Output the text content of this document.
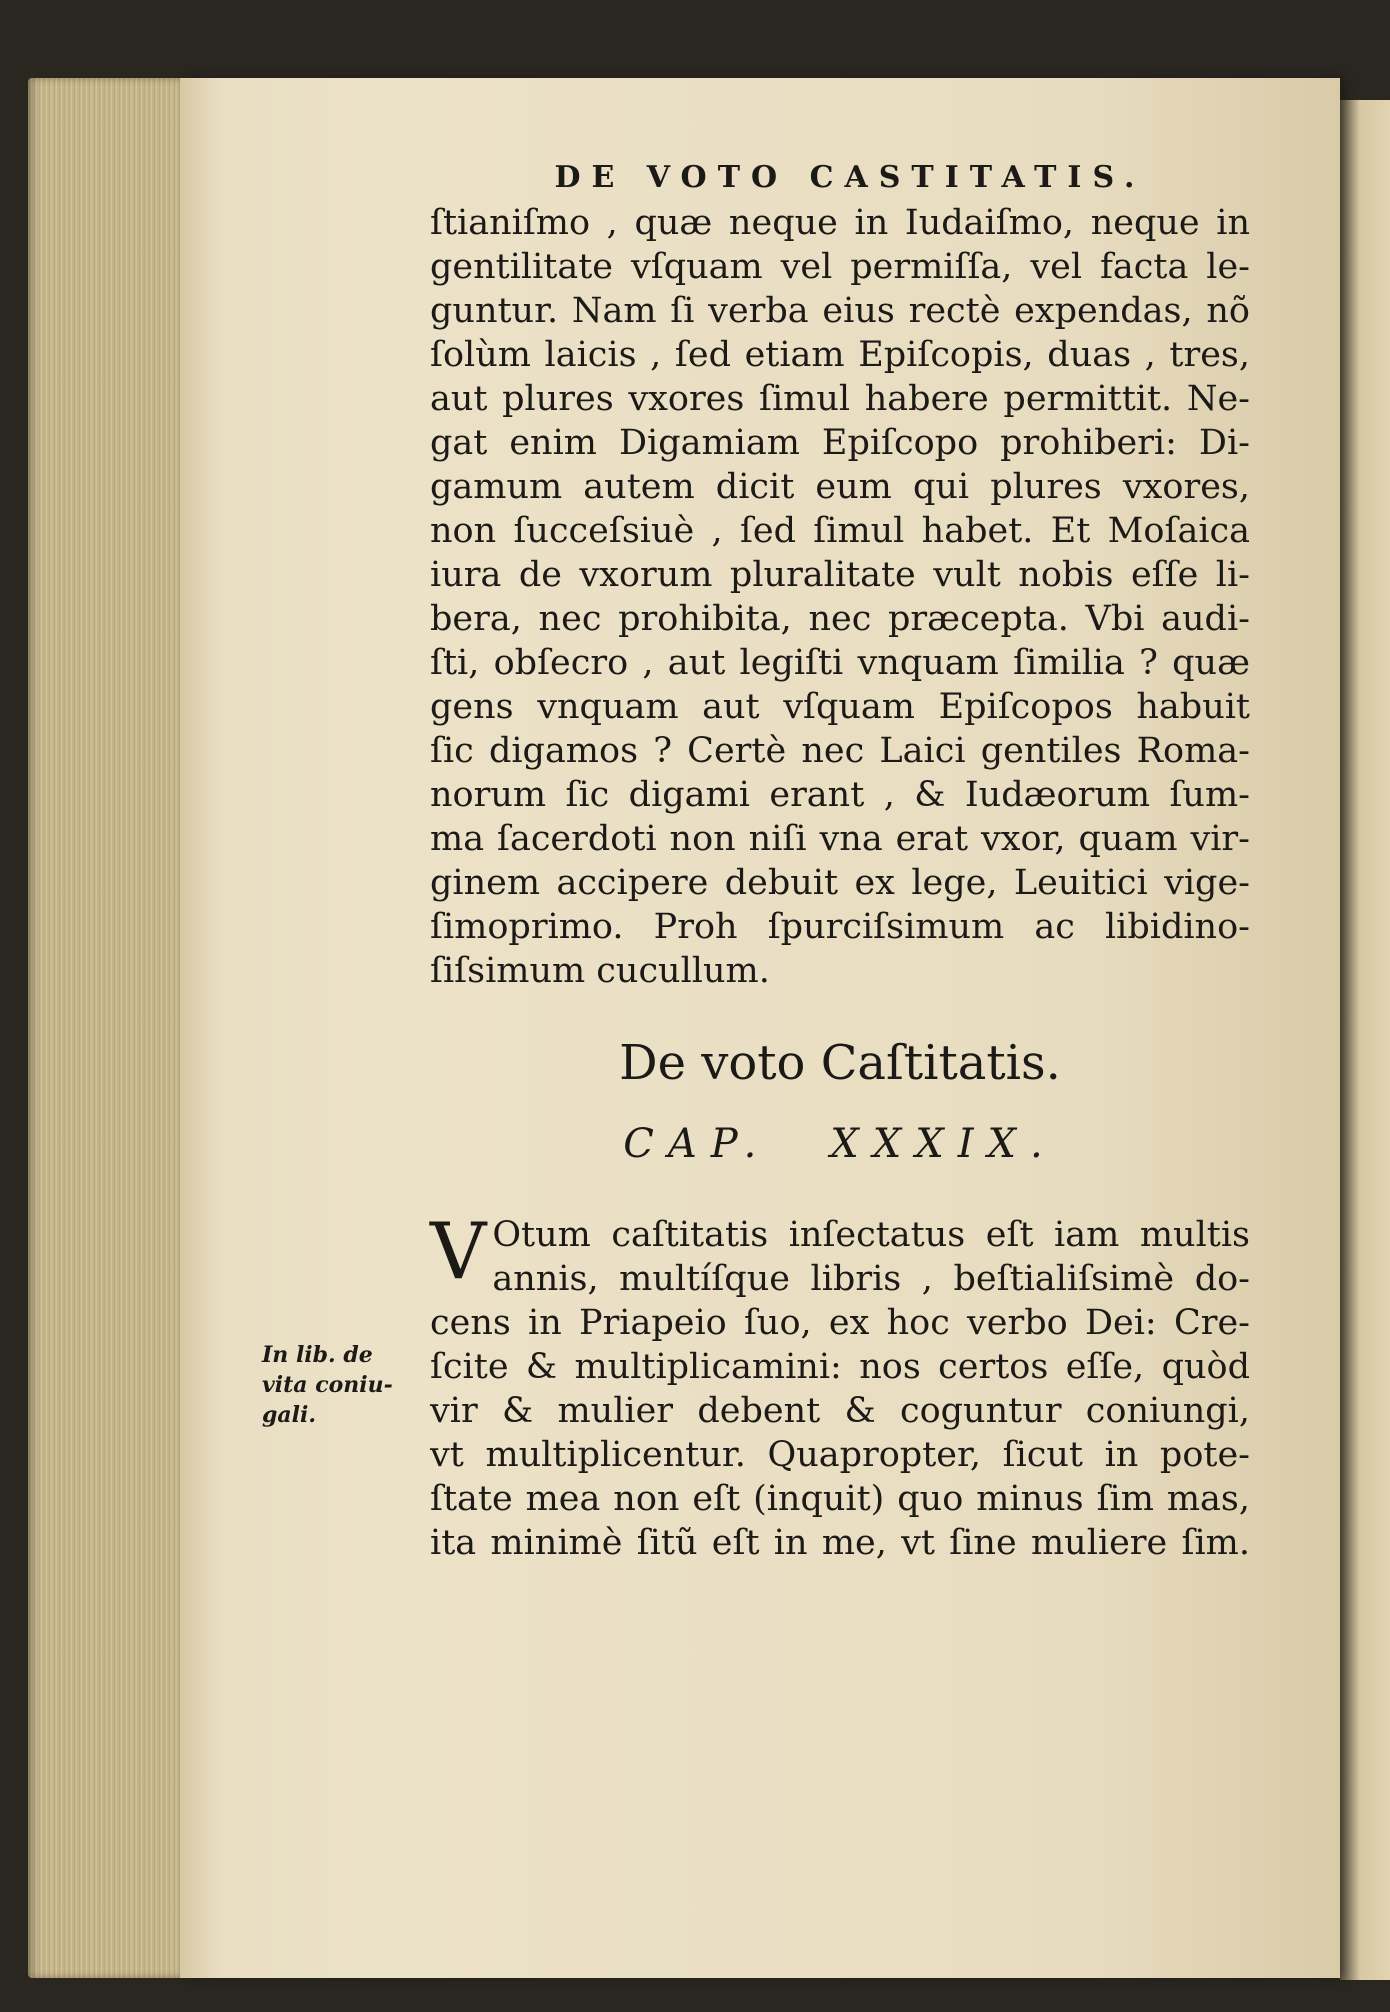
In lib. de
vita coniu-
gali.
DE VOTO CASTITATIS.
ſtianiſmo , quæ neque in Iudaiſmo, neque in
gentilitate vſquam vel permiſſa, vel facta le-
guntur. Nam ſi verba eius rectè expendas, nõ
ſolùm laicis , ſed etiam Epiſcopis, duas , tres,
aut plures vxores ſimul habere permittit. Ne-
gat enim Digamiam Epiſcopo prohiberi: Di-
gamum autem dicit eum qui plures vxores,
non ſucceſsiuè , ſed ſimul habet. Et Moſaica
iura de vxorum pluralitate vult nobis eſſe li-
bera, nec prohibita, nec præcepta. Vbi audi-
ſti, obſecro , aut legiſti vnquam ſimilia ? quæ
gens vnquam aut vſquam Epiſcopos habuit
ſic digamos ? Certè nec Laici gentiles Roma-
norum ſic digami erant , & Iudæorum ſum-
ma ſacerdoti non niſi vna erat vxor, quam vir-
ginem accipere debuit ex lege, Leuitici vige-
ſimoprimo. Proh ſpurciſsimum ac libidino-
ſiſsimum cucullum.
De voto Caſtitatis.
CAP. XXXIX.
V Otum caſtitatis inſectatus eſt iam multis
annis, multíſque libris , beſtialiſsimè do-
cens in Priapeio ſuo, ex hoc verbo Dei: Cre-
ſcite & multiplicamini: nos certos eſſe, quòd
vir & mulier debent & coguntur coniungi,
vt multiplicentur. Quapropter, ſicut in pote-
ſtate mea non eſt (inquit) quo minus ſim mas,
ita minimè ſitũ eſt in me, vt ſine muliere ſim.
